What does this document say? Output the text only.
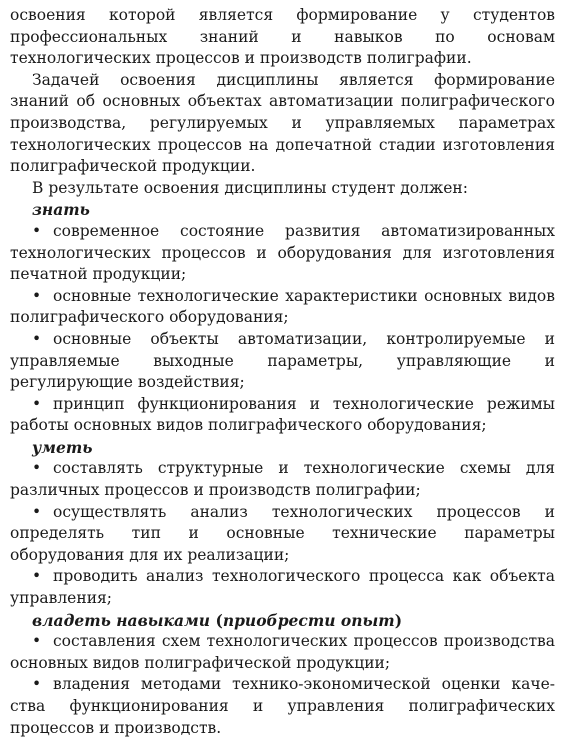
освоения которой является формирование у студентов профессиональных знаний и навыков по основам технологических процессов и производств полиграфии.

Задачей освоения дисциплины является формирование знаний об основных объектах автоматизации полиграфического производства, регулируемых и управляемых параметрах технологических процессов на допечатной стадии изготовления полиграфической продукции.

В результате освоения дисциплины студент должен:

знать

• современное состояние развития автоматизированных технологических процессов и оборудования для изготовления печатной продукции;

• основные технологические характеристики основных видов полиграфического оборудования;

• основные объекты автоматизации, контролируемые и управляемые выходные параметры, управляющие и регулирующие воздействия;

• принцип функционирования и технологические режимы работы основных видов полиграфического оборудования;

уметь

• составлять структурные и технологические схемы для различных процессов и производств полиграфии;

• осуществлять анализ технологических процессов и определять тип и основные технические параметры оборудования для их реализации;

• проводить анализ технологического процесса как объекта управления;

владеть навыками (приобрести опыт)

• составления схем технологических процессов производства основных видов полиграфической продукции;

• владения методами технико-экономической оценки качества функционирования и управления полиграфических процессов и производств.
